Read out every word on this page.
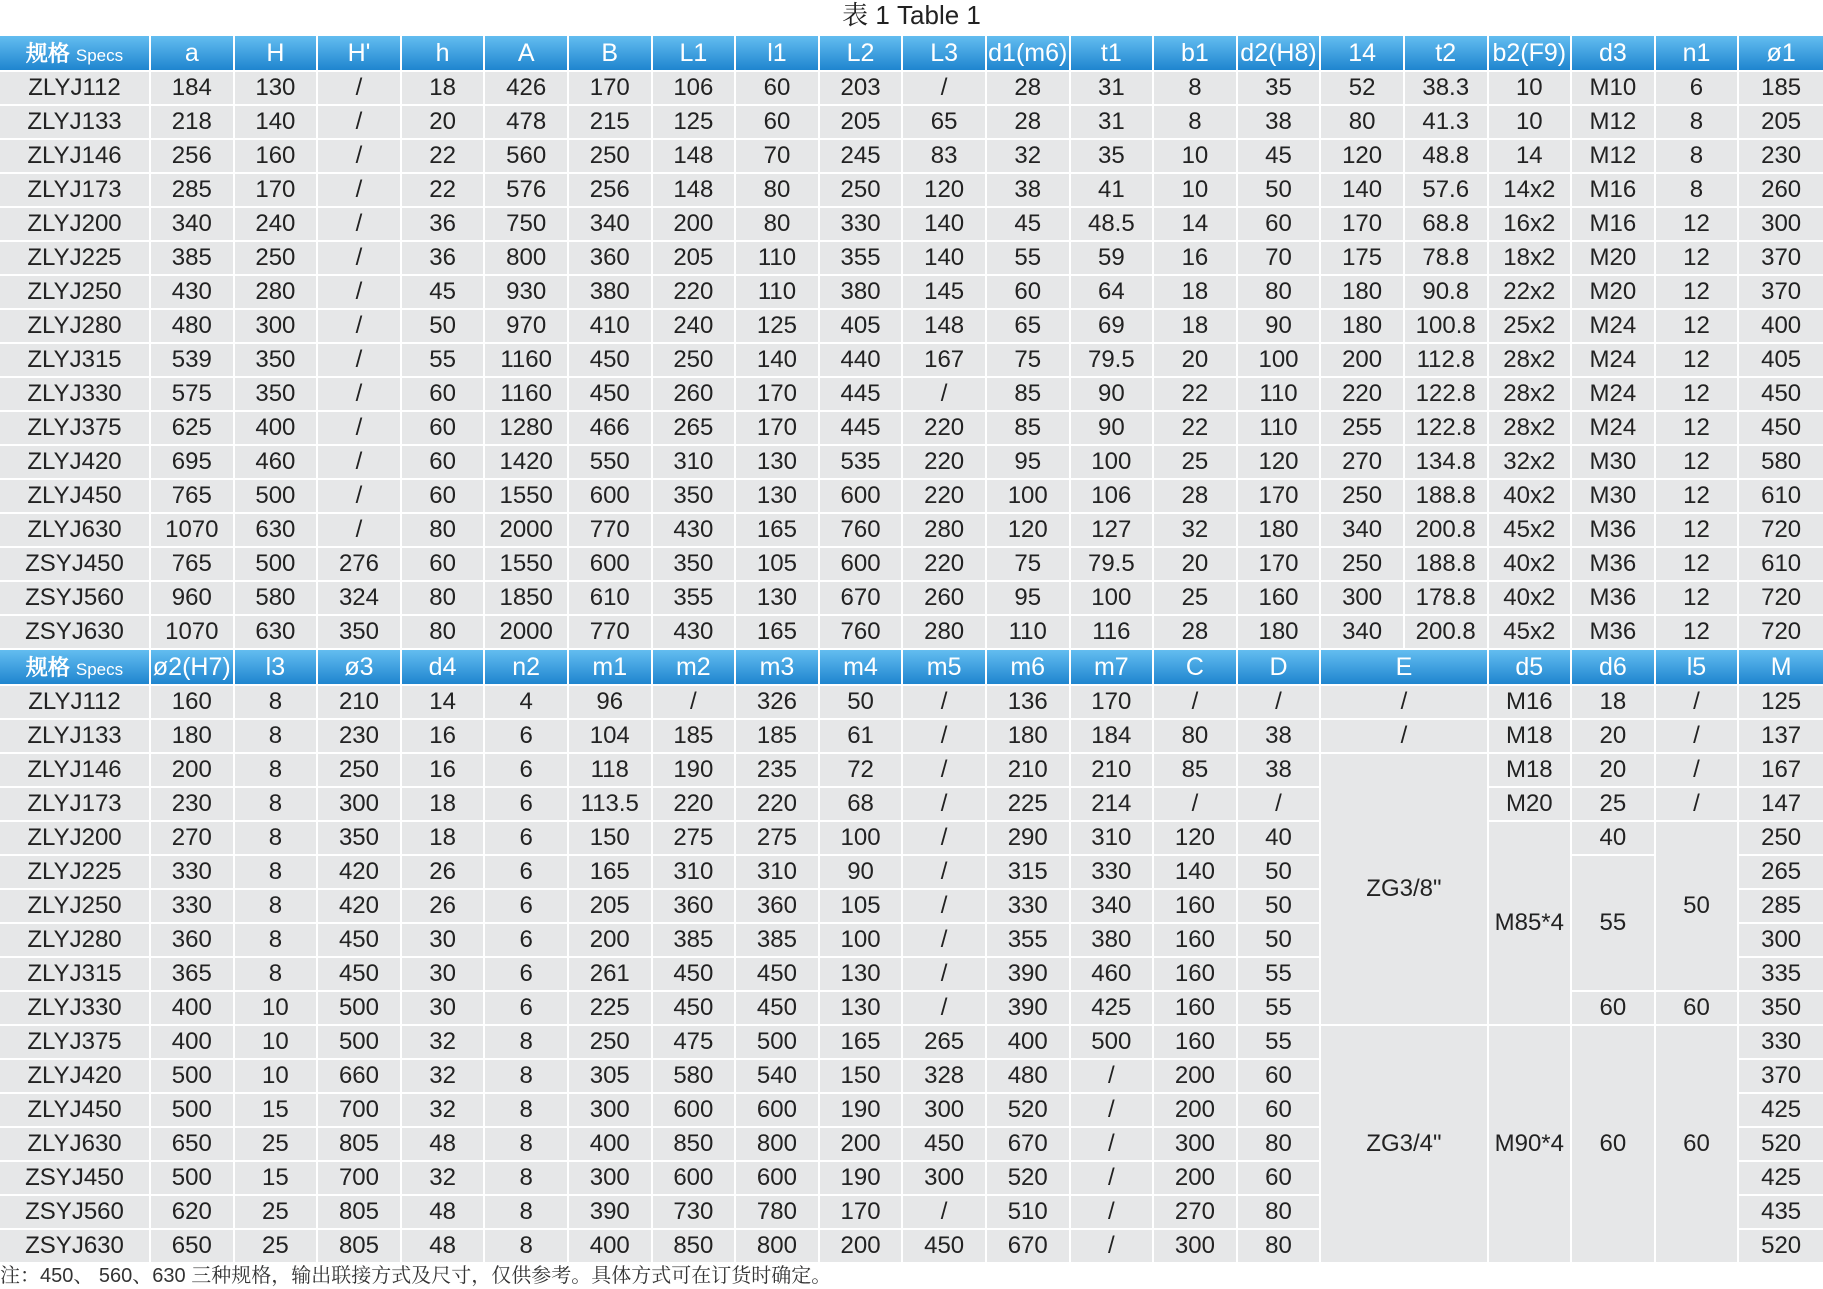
表 1 Table 1
规格 Specs	a	H	H'	h	A	B	L1	l1	L2	L3	d1(m6)	t1	b1	d2(H8)	14	t2	b2(F9)	d3	n1	ø1
ZLYJ112	184	130	/	18	426	170	106	60	203	/	28	31	8	35	52	38.3	10	M10	6	185
ZLYJ133	218	140	/	20	478	215	125	60	205	65	28	31	8	38	80	41.3	10	M12	8	205
ZLYJ146	256	160	/	22	560	250	148	70	245	83	32	35	10	45	120	48.8	14	M12	8	230
ZLYJ173	285	170	/	22	576	256	148	80	250	120	38	41	10	50	140	57.6	14x2	M16	8	260
ZLYJ200	340	240	/	36	750	340	200	80	330	140	45	48.5	14	60	170	68.8	16x2	M16	12	300
ZLYJ225	385	250	/	36	800	360	205	110	355	140	55	59	16	70	175	78.8	18x2	M20	12	370
ZLYJ250	430	280	/	45	930	380	220	110	380	145	60	64	18	80	180	90.8	22x2	M20	12	370
ZLYJ280	480	300	/	50	970	410	240	125	405	148	65	69	18	90	180	100.8	25x2	M24	12	400
ZLYJ315	539	350	/	55	1160	450	250	140	440	167	75	79.5	20	100	200	112.8	28x2	M24	12	405
ZLYJ330	575	350	/	60	1160	450	260	170	445	/	85	90	22	110	220	122.8	28x2	M24	12	450
ZLYJ375	625	400	/	60	1280	466	265	170	445	220	85	90	22	110	255	122.8	28x2	M24	12	450
ZLYJ420	695	460	/	60	1420	550	310	130	535	220	95	100	25	120	270	134.8	32x2	M30	12	580
ZLYJ450	765	500	/	60	1550	600	350	130	600	220	100	106	28	170	250	188.8	40x2	M30	12	610
ZLYJ630	1070	630	/	80	2000	770	430	165	760	280	120	127	32	180	340	200.8	45x2	M36	12	720
ZSYJ450	765	500	276	60	1550	600	350	105	600	220	75	79.5	20	170	250	188.8	40x2	M36	12	610
ZSYJ560	960	580	324	80	1850	610	355	130	670	260	95	100	25	160	300	178.8	40x2	M36	12	720
ZSYJ630	1070	630	350	80	2000	770	430	165	760	280	110	116	28	180	340	200.8	45x2	M36	12	720
规格 Specs	ø2(H7)	l3	ø3	d4	n2	m1	m2	m3	m4	m5	m6	m7	C	D	E		d5	d6	l5	M
ZLYJ112	160	8	210	14	4	96	/	326	50	/	136	170	/	/	/		M16	18	/	125
ZLYJ133	180	8	230	16	6	104	185	185	61	/	180	184	80	38	/		M18	20	/	137
ZLYJ146	200	8	250	16	6	118	190	235	72	/	210	210	85	38	ZG3/8"		M18	20	/	167
ZLYJ173	230	8	300	18	6	113.5	220	220	68	/	225	214	/	/			M20	25	/	147
ZLYJ200	270	8	350	18	6	150	275	275	100	/	290	310	120	40			M85*4	40	50	250
ZLYJ225	330	8	420	26	6	165	310	310	90	/	315	330	140	50				55		265
ZLYJ250	330	8	420	26	6	205	360	360	105	/	330	340	160	50						285
ZLYJ280	360	8	450	30	6	200	385	385	100	/	355	380	160	50						300
ZLYJ315	365	8	450	30	6	261	450	450	130	/	390	460	160	55						335
ZLYJ330	400	10	500	30	6	225	450	450	130	/	390	425	160	55				60	60	350
ZLYJ375	400	10	500	32	8	250	475	500	165	265	400	500	160	55	ZG3/4"		M90*4	60	60	330
ZLYJ420	500	10	660	32	8	305	580	540	150	328	480	/	200	60						370
ZLYJ450	500	15	700	32	8	300	600	600	190	300	520	/	200	60						425
ZLYJ630	650	25	805	48	8	400	850	800	200	450	670	/	300	80						520
ZSYJ450	500	15	700	32	8	300	600	600	190	300	520	/	200	60						425
ZSYJ560	620	25	805	48	8	390	730	780	170	/	510	/	270	80						435
ZSYJ630	650	25	805	48	8	400	850	800	200	450	670	/	300	80						520
注：450、 560、630 三种规格，输出联接方式及尺寸，仅供参考。具体方式可在订货时确定。
